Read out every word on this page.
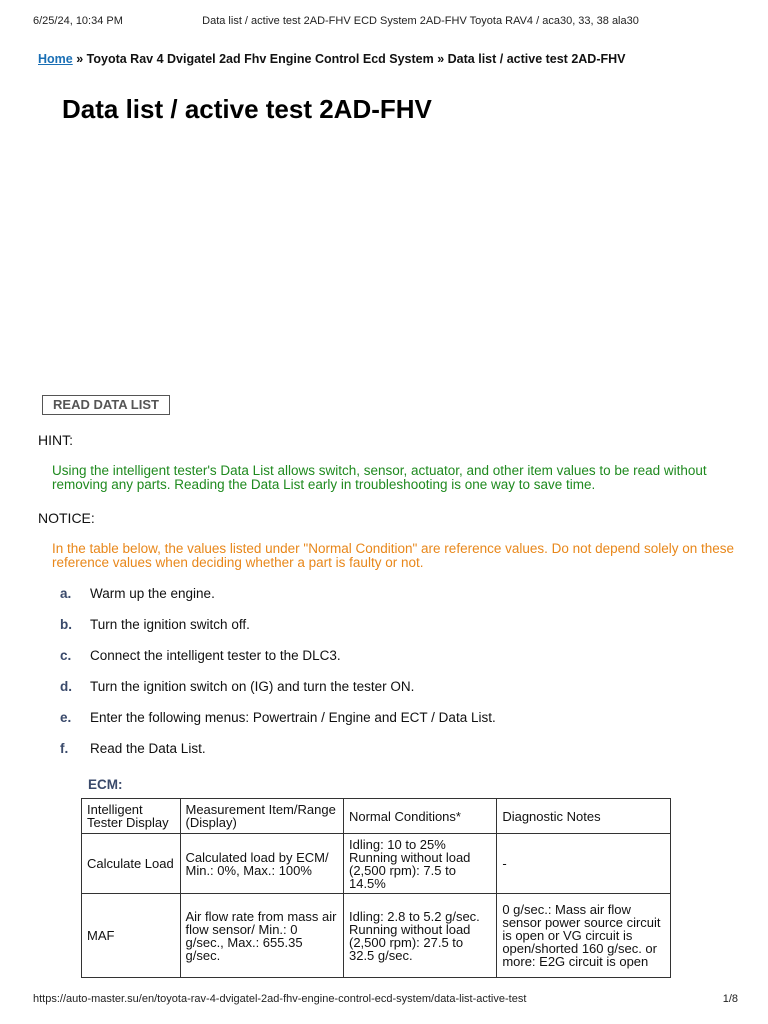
6/25/24, 10:34 PM	Data list / active test 2AD-FHV ECD System 2AD-FHV Toyota RAV4 / aca30, 33, 38 ala30
Home » Toyota Rav 4 Dvigatel 2ad Fhv Engine Control Ecd System » Data list / active test 2AD-FHV
Data list / active test 2AD-FHV
READ DATA LIST
HINT:
Using the intelligent tester's Data List allows switch, sensor, actuator, and other item values to be read without removing any parts. Reading the Data List early in troubleshooting is one way to save time.
NOTICE:
In the table below, the values listed under "Normal Condition" are reference values. Do not depend solely on these reference values when deciding whether a part is faulty or not.
a. Warm up the engine.
b. Turn the ignition switch off.
c. Connect the intelligent tester to the DLC3.
d. Turn the ignition switch on (IG) and turn the tester ON.
e. Enter the following menus: Powertrain / Engine and ECT / Data List.
f. Read the Data List.
ECM:
Intelligent Tester Display	Measurement Item/Range (Display)	Normal Conditions*	Diagnostic Notes
Calculate Load	Calculated load by ECM/ Min.: 0%, Max.: 100%	Idling: 10 to 25% Running without load (2,500 rpm): 7.5 to 14.5%	-
MAF	Air flow rate from mass air flow sensor/ Min.: 0 g/sec., Max.: 655.35 g/sec.	Idling: 2.8 to 5.2 g/sec. Running without load (2,500 rpm): 27.5 to 32.5 g/sec.	0 g/sec.: Mass air flow sensor power source circuit is open or VG circuit is open/shorted 160 g/sec. or more: E2G circuit is open
https://auto-master.su/en/toyota-rav-4-dvigatel-2ad-fhv-engine-control-ecd-system/data-list-active-test	1/8
